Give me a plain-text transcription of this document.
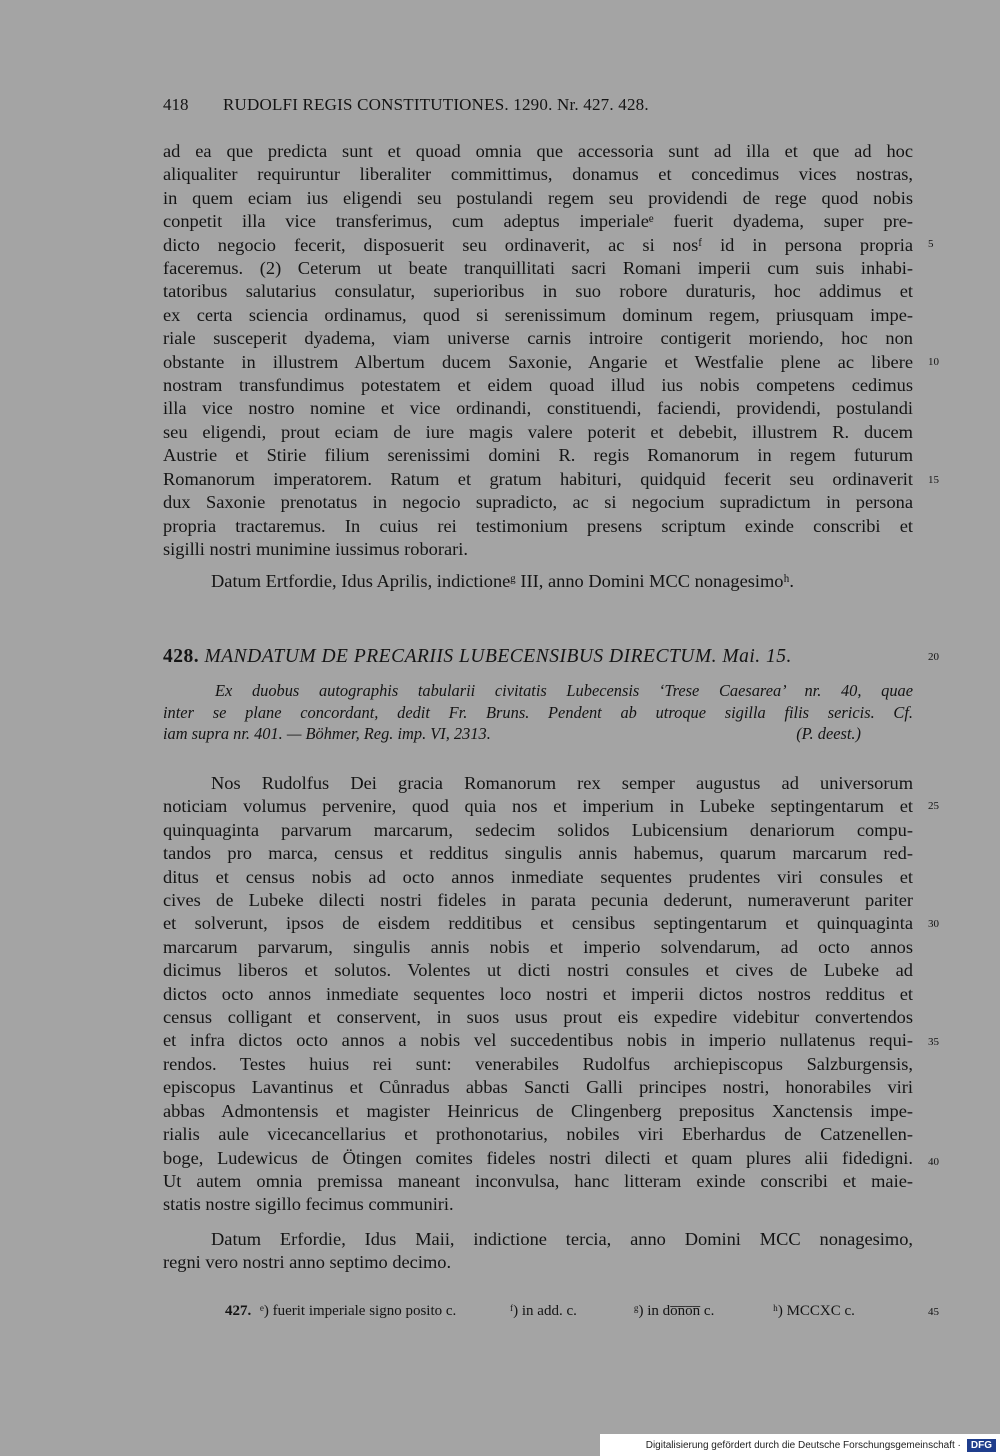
418	RUDOLFI REGIS CONSTITUTIONES. 1290. Nr. 427. 428.
ad ea que predicta sunt et quoad omnia que accessoria sunt ad illa et que ad hoc
aliqualiter requiruntur liberaliter committimus, donamus et concedimus vices nostras,
in quem eciam ius eligendi seu postulandi regem seu providendi de rege quod nobis
conpetit illa vice transferimus, cum adeptus imperialeᵉ fuerit dyadema, super pre-
dicto negocio fecerit, disposuerit seu ordinaverit, ac si nosᶠ id in persona propria
faceremus. (2) Ceterum ut beate tranquillitati sacri Romani imperii cum suis inhabi-
tatoribus salutarius consulatur, superioribus in suo robore duraturis, hoc addimus et
ex certa sciencia ordinamus, quod si serenissimum dominum regem, priusquam impe-
riale susceperit dyadema, viam universe carnis introire contigerit moriendo, hoc non
obstante in illustrem Albertum ducem Saxonie, Angarie et Westfalie plene ac libere
nostram transfundimus potestatem et eidem quoad illud ius nobis competens cedimus
illa vice nostro nomine et vice ordinandi, constituendi, faciendi, providendi, postulandi
seu eligendi, prout eciam de iure magis valere poterit et debebit, illustrem R. ducem
Austrie et Stirie filium serenissimi domini R. regis Romanorum in regem futurum
Romanorum imperatorem. Ratum et gratum habituri, quidquid fecerit seu ordinaverit
dux Saxonie prenotatus in negocio supradicto, ac si negocium supradictum in persona
propria tractaremus. In cuius rei testimonium presens scriptum exinde conscribi et
sigilli nostri munimine iussimus roborari.
Datum Ertfordie, Idus Aprilis, indictioneᵍ III, anno Domini MCC nonagesimoʰ.
428. MANDATUM DE PRECARIIS LUBECENSIBUS DIRECTUM. Mai. 15.
Ex duobus autographis tabularii civitatis Lubecensis ‘Trese Caesarea’ nr. 40, quae
inter se plane concordant, dedit Fr. Bruns. Pendent ab utroque sigilla filis sericis. Cf.
iam supra nr. 401. — Böhmer, Reg. imp. VI, 2313.	(P. deest.)
Nos Rudolfus Dei gracia Romanorum rex semper augustus ad universorum
noticiam volumus pervenire, quod quia nos et imperium in Lubeke septingentarum et
quinquaginta parvarum marcarum, sedecim solidos Lubicensium denariorum compu-
tandos pro marca, census et redditus singulis annis habemus, quarum marcarum red-
ditus et census nobis ad octo annos inmediate sequentes prudentes viri consules et
cives de Lubeke dilecti nostri fideles in parata pecunia dederunt, numeraverunt pariter
et solverunt, ipsos de eisdem redditibus et censibus septingentarum et quinquaginta
marcarum parvarum, singulis annis nobis et imperio solvendarum, ad octo annos
dicimus liberos et solutos. Volentes ut dicti nostri consules et cives de Lubeke ad
dictos octo annos inmediate sequentes loco nostri et imperii dictos nostros redditus et
census colligant et conservent, in suos usus prout eis expedire videbitur convertendos
et infra dictos octo annos a nobis vel succedentibus nobis in imperio nullatenus requi-
rendos. Testes huius rei sunt: venerabiles Rudolfus archiepiscopus Salzburgensis,
episcopus Lavantinus et Cůnradus abbas Sancti Galli principes nostri, honorabiles viri
abbas Admontensis et magister Heinricus de Clingenberg prepositus Xanctensis impe-
rialis aule vicecancellarius et prothonotarius, nobiles viri Eberhardus de Catzenellen-
boge, Ludewicus de Ötingen comites fideles nostri dilecti et quam plures alii fidedigni.
Ut autem omnia premissa maneant inconvulsa, hanc litteram exinde conscribi et maie-
statis nostre sigillo fecimus communiri.
Datum Erfordie, Idus Maii, indictione tercia, anno Domini MCC nonagesimo,
regni vero nostri anno septimo decimo.
427. ᵉ) fuerit imperiale signo posito c.	ᶠ) in add. c.	ᵍ) in do̅n̅o̅n̅ c.	ʰ) MCCXC c.
5
10
15
20
25
30
35
40
45
Digitalisierung gefördert durch die Deutsche Forschungsgemeinschaft ·	DFG
